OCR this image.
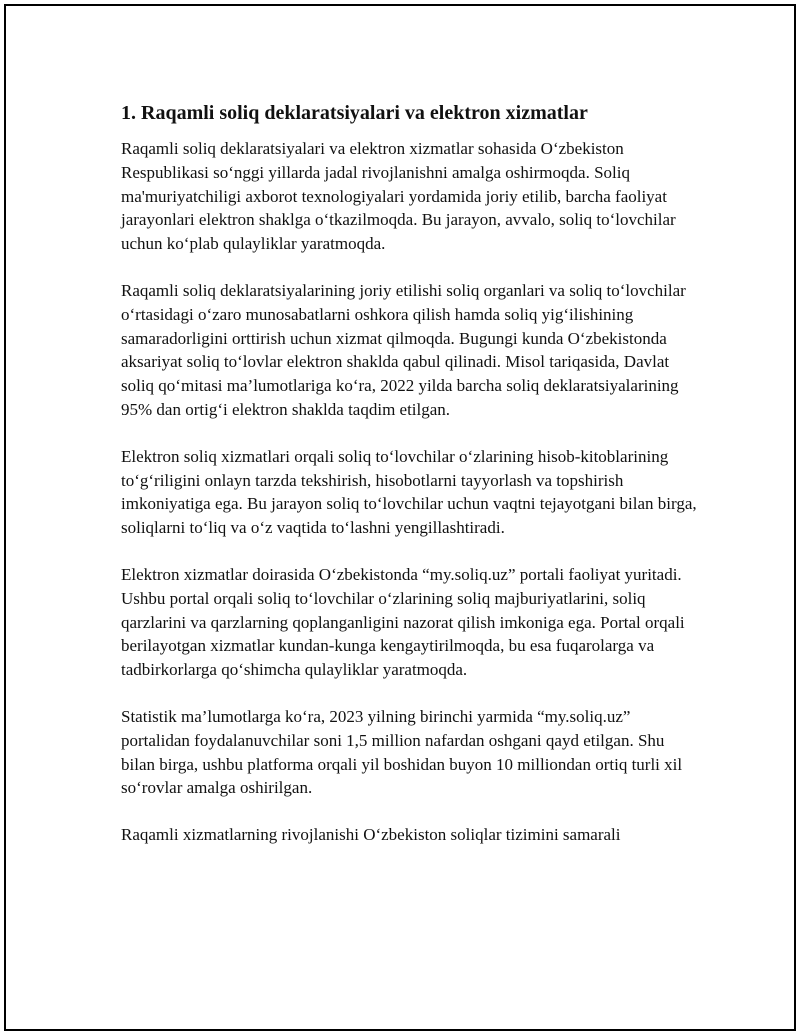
1. Raqamli soliq deklaratsiyalari va elektron xizmatlar

Raqamli soliq deklaratsiyalari va elektron xizmatlar sohasida O‘zbekiston Respublikasi so‘nggi yillarda jadal rivojlanishni amalga oshirmoqda. Soliq ma'muriyatchiligi axborot texnologiyalari yordamida joriy etilib, barcha faoliyat jarayonlari elektron shaklga o‘tkazilmoqda. Bu jarayon, avvalo, soliq to‘lovchilar uchun ko‘plab qulayliklar yaratmoqda.

Raqamli soliq deklaratsiyalarining joriy etilishi soliq organlari va soliq to‘lovchilar o‘rtasidagi o‘zaro munosabatlarni oshkora qilish hamda soliq yig‘ilishining samaradorligini orttirish uchun xizmat qilmoqda. Bugungi kunda O‘zbekistonda aksariyat soliq to‘lovlar elektron shaklda qabul qilinadi. Misol tariqasida, Davlat soliq qo‘mitasi ma’lumotlariga ko‘ra, 2022 yilda barcha soliq deklaratsiyalarining 95% dan ortig‘i elektron shaklda taqdim etilgan.

Elektron soliq xizmatlari orqali soliq to‘lovchilar o‘zlarining hisob-kitoblarining to‘g‘riligini onlayn tarzda tekshirish, hisobotlarni tayyorlash va topshirish imkoniyatiga ega. Bu jarayon soliq to‘lovchilar uchun vaqtni tejayotgani bilan birga, soliqlarni to‘liq va o‘z vaqtida to‘lashni yengillashtiradi.

Elektron xizmatlar doirasida O‘zbekistonda “my.soliq.uz” portali faoliyat yuritadi. Ushbu portal orqali soliq to‘lovchilar o‘zlarining soliq majburiyatlarini, soliq qarzlarini va qarzlarning qoplanganligini nazorat qilish imkoniga ega. Portal orqali berilayotgan xizmatlar kundan-kunga kengaytirilmoqda, bu esa fuqarolarga va tadbirkorlarga qo‘shimcha qulayliklar yaratmoqda.

Statistik ma’lumotlarga ko‘ra, 2023 yilning birinchi yarmida “my.soliq.uz” portalidan foydalanuvchilar soni 1,5 million nafardan oshgani qayd etilgan. Shu bilan birga, ushbu platforma orqali yil boshidan buyon 10 milliondan ortiq turli xil so‘rovlar amalga oshirilgan.

Raqamli xizmatlarning rivojlanishi O‘zbekiston soliqlar tizimini samarali
